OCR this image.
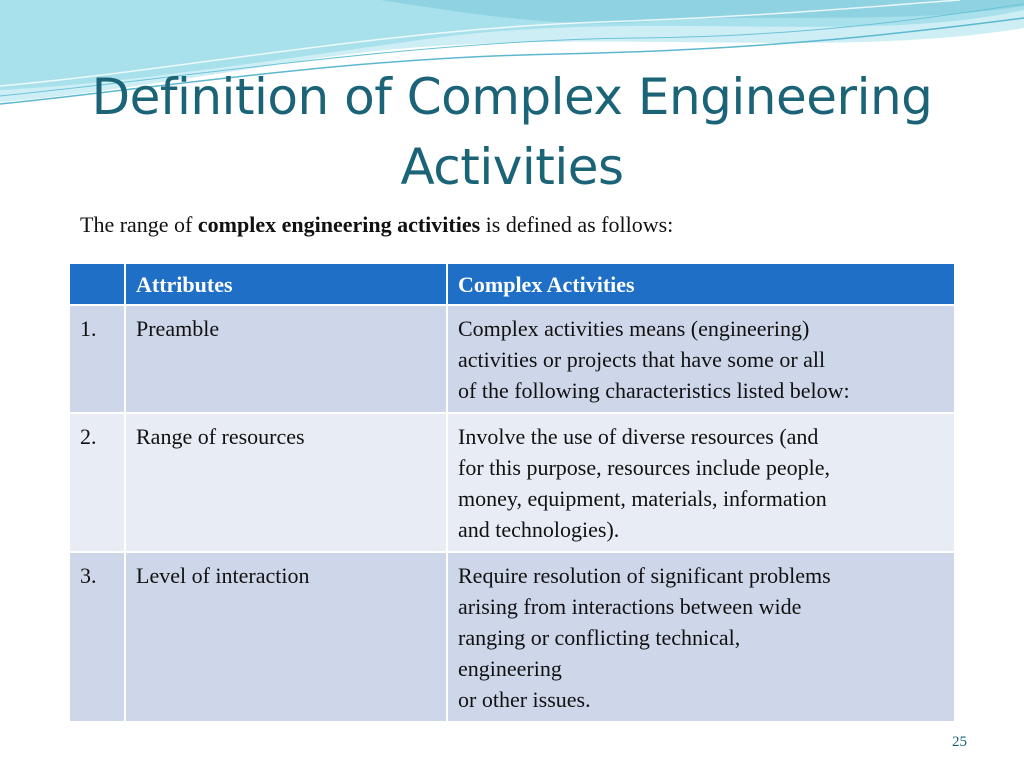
Definition of Complex Engineering Activities
The range of complex engineering activities is defined as follows:
	Attributes	Complex Activities
1.	Preamble	Complex activities means (engineering)
activities or projects that have some or all
of the following characteristics listed below:

2.	Range of resources	Involve the use of diverse resources (and
for this purpose, resources include people,
money, equipment, materials, information
and technologies).

3.	Level of interaction	Require resolution of significant problems
arising from interactions between wide
ranging or conflicting technical,
engineering
or other issues.
25
